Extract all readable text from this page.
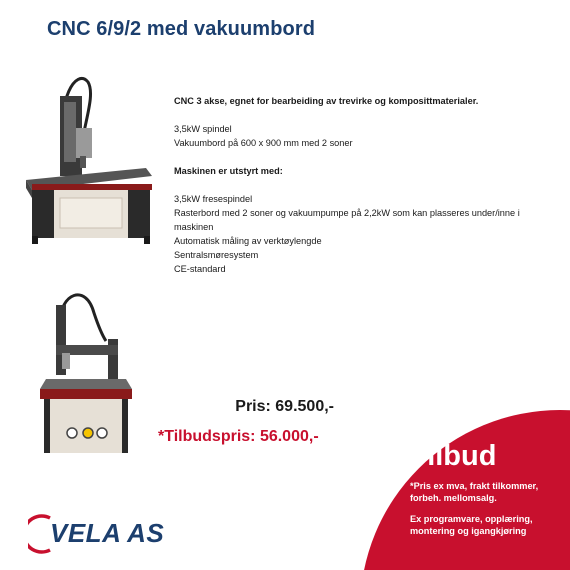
CNC 6/9/2 med vakuumbord
CNC 3 akse, egnet for bearbeiding av trevirke og komposittmaterialer.
3,5kW spindel
Vakuumbord på 600 x 900 mm med 2 soner
Maskinen er utstyrt med:
3,5kW fresespindel
Rasterbord med 2 soner og vakuumpumpe på 2,2kW som kan plasseres under/inne i maskinen
Automatisk måling av verktøylengde
Sentralsmøresystem
CE-standard
Pris: 69.500,-
*Tilbudspris: 56.000,-
Tilbud
*Pris ex mva, frakt tilkommer, forbeh. mellomsalg.
Ex programvare, opplæring, montering og igangkjøring
VELA AS
